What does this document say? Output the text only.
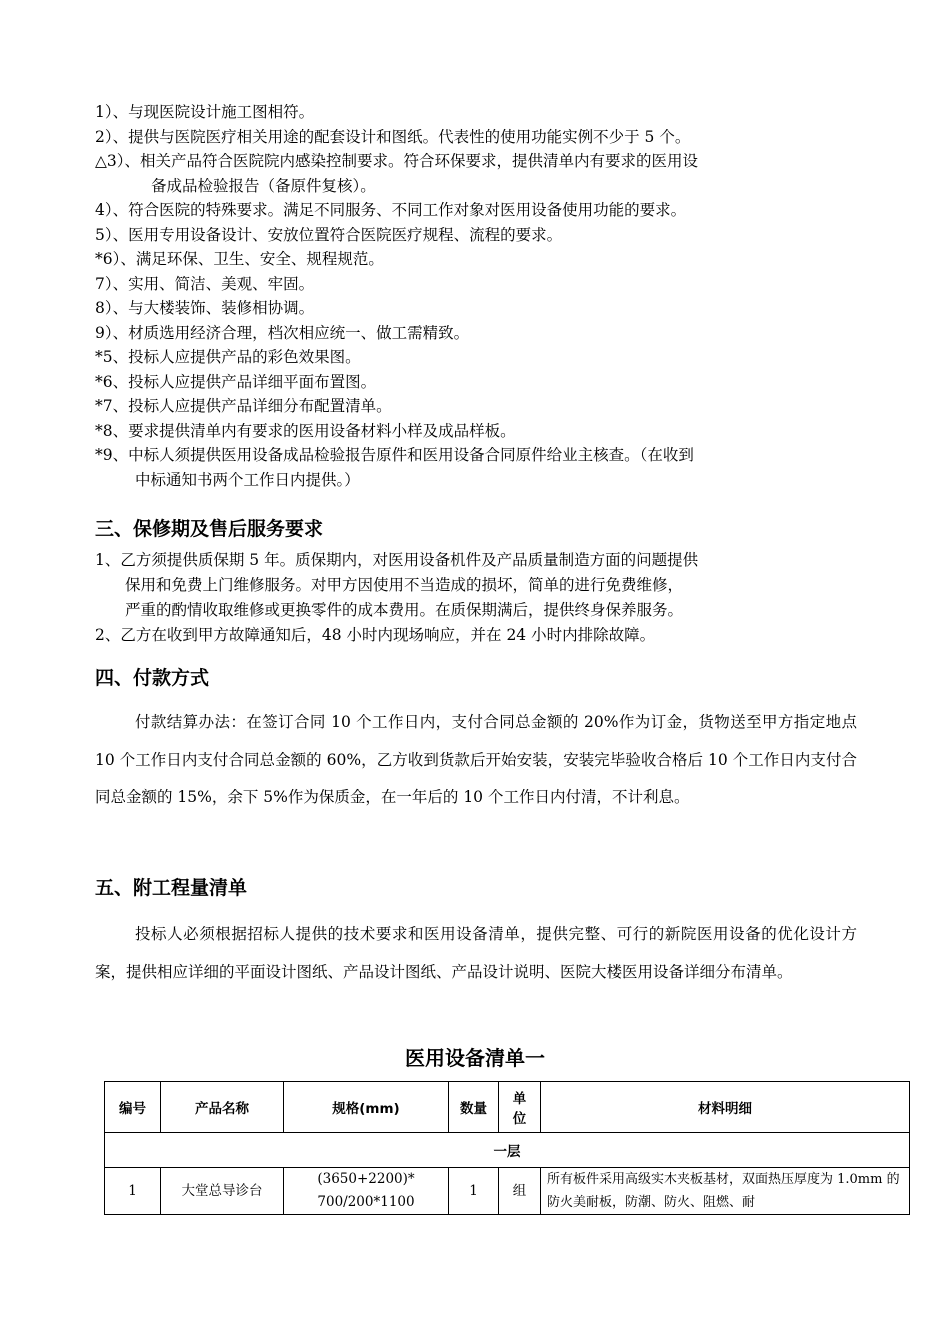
1）、与现医院设计施工图相符。

2）、提供与医院医疗相关用途的配套设计和图纸。代表性的使用功能实例不少于 5 个。

△3）、相关产品符合医院院内感染控制要求。符合环保要求，提供清单内有要求的医用设
备成品检验报告（备原件复核）。

4）、符合医院的特殊要求。满足不同服务、不同工作对象对医用设备使用功能的要求。

5）、医用专用设备设计、安放位置符合医院医疗规程、流程的要求。

*6）、满足环保、卫生、安全、规程规范。

7）、实用、简洁、美观、牢固。

8）、与大楼装饰、装修相协调。

9）、材质选用经济合理，档次相应统一、做工需精致。

*5、投标人应提供产品的彩色效果图。

*6、投标人应提供产品详细平面布置图。

*7、投标人应提供产品详细分布配置清单。

*8、要求提供清单内有要求的医用设备材料小样及成品样板。

*9、中标人须提供医用设备成品检验报告原件和医用设备合同原件给业主核查。（在收到
中标通知书两个工作日内提供。）

三、保修期及售后服务要求

1、乙方须提供质保期 5 年。质保期内，对医用设备机件及产品质量制造方面的问题提供
保用和免费上门维修服务。对甲方因使用不当造成的损坏，简单的进行免费维修，
严重的酌情收取维修或更换零件的成本费用。在质保期满后，提供终身保养服务。

2、乙方在收到甲方故障通知后，48 小时内现场响应，并在 24 小时内排除故障。

四、付款方式

付款结算办法：在签订合同 10 个工作日内，支付合同总金额的 20%作为订金，货物送至甲方指定地点 10 个工作日内支付合同总金额的 60%，乙方收到货款后开始安装，安装完毕验收合格后 10 个工作日内支付合同总金额的 15%，余下 5%作为保质金，在一年后的 10 个工作日内付清，不计利息。

五、附工程量清单

投标人必须根据招标人提供的技术要求和医用设备清单，提供完整、可行的新院医用设备的优化设计方案，提供相应详细的平面设计图纸、产品设计图纸、产品设计说明、医院大楼医用设备详细分布清单。

医用设备清单一

编号	产品名称	规格(mm)	数量	单
位	材料明细
一层					
1	大堂总导诊台	(3650+2200)*
700/200*1100	1	组	所有板件采用高级实木夹板基材，双面热压厚度为 1.0mm 的防火美耐板，防潮、防火、阻燃、耐
